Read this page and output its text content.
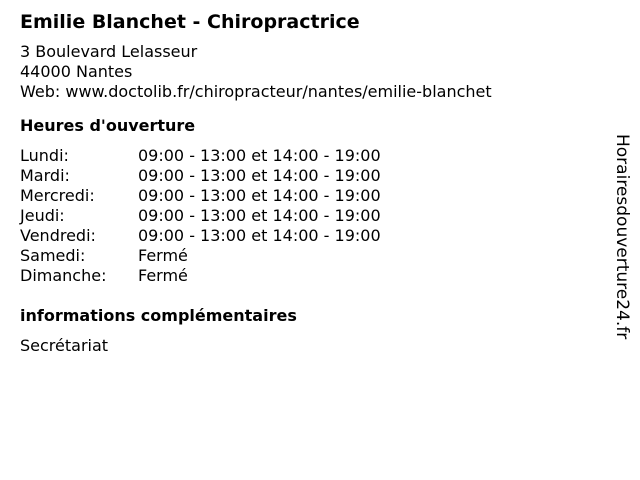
Emilie Blanchet - Chiropractrice
3 Boulevard Lelasseur
44000 Nantes
Web: www.doctolib.fr/chiropracteur/nantes/emilie-blanchet
Heures d'ouverture
Lundi:	09:00 - 13:00 et 14:00 - 19:00
Mardi:	09:00 - 13:00 et 14:00 - 19:00
Mercredi:	09:00 - 13:00 et 14:00 - 19:00
Jeudi:	09:00 - 13:00 et 14:00 - 19:00
Vendredi:	09:00 - 13:00 et 14:00 - 19:00
Samedi:	Fermé
Dimanche:	Fermé
informations complémentaires
Secrétariat
Horairesdouverture24.fr
